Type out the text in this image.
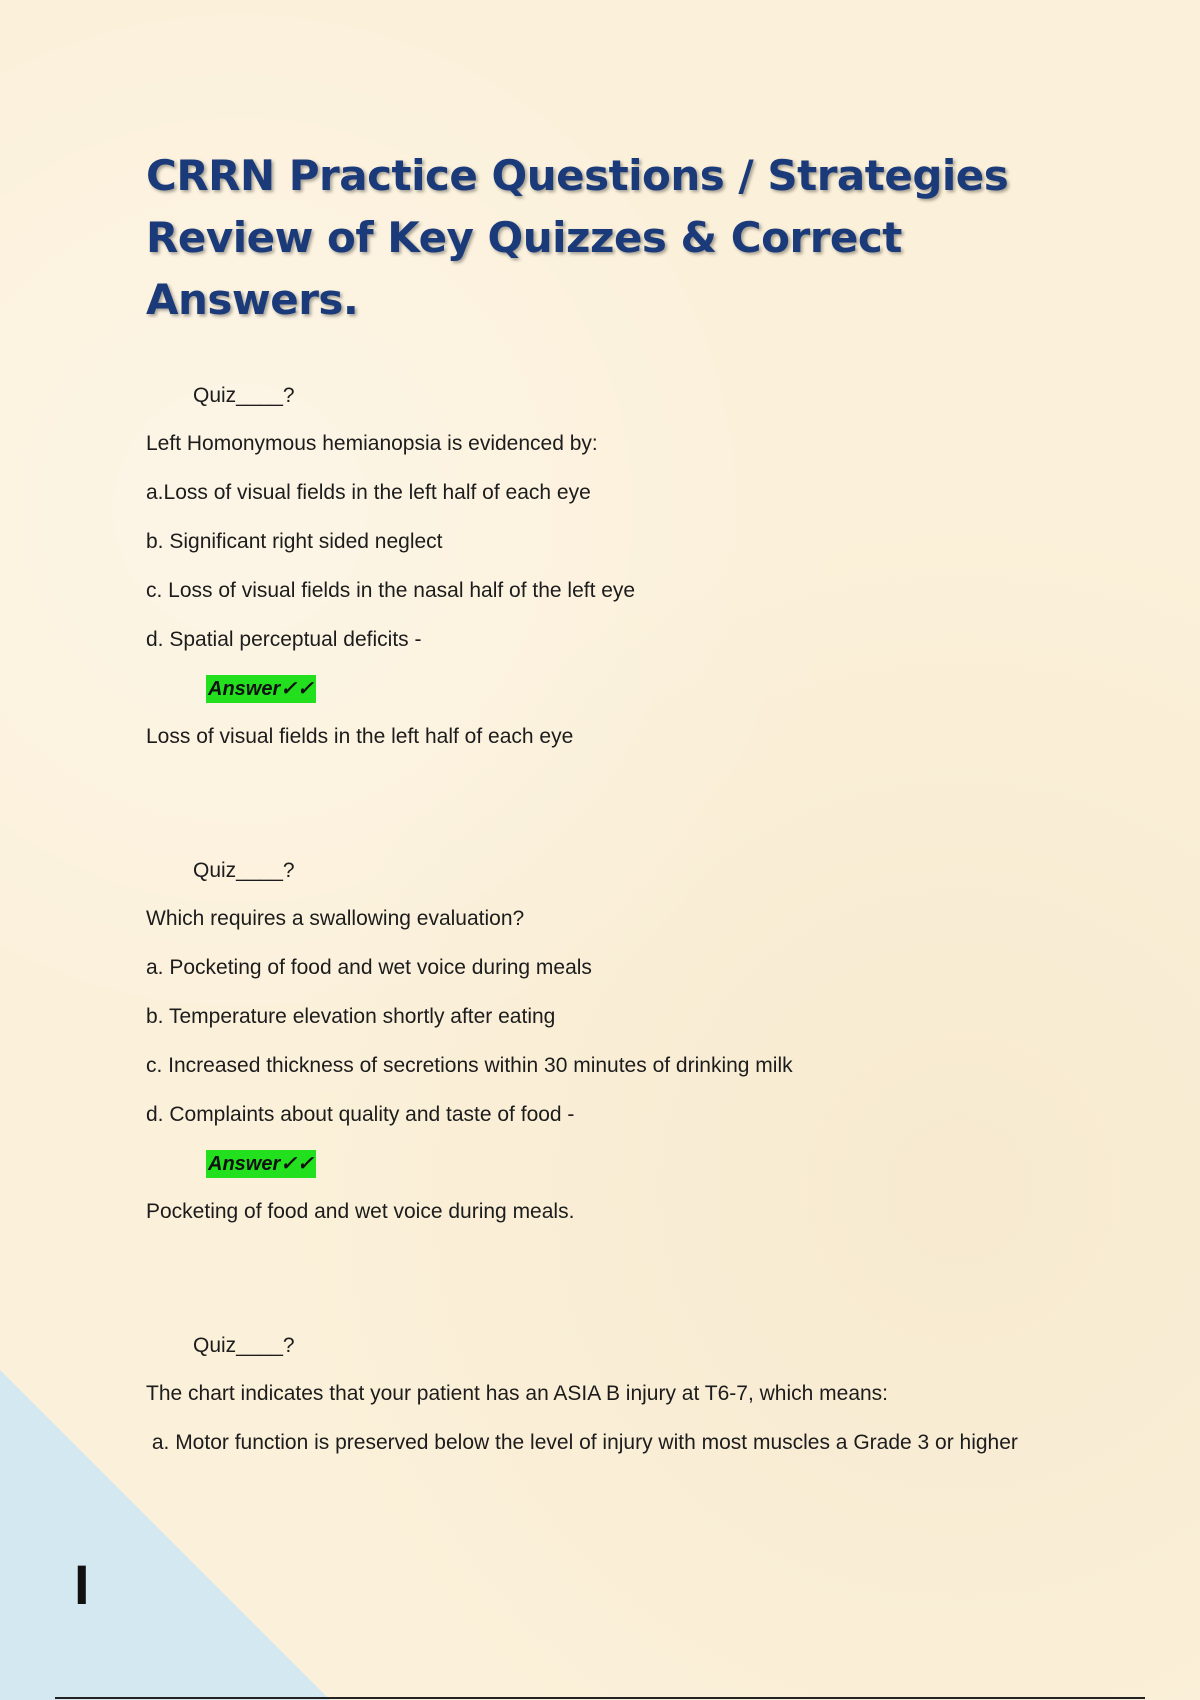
I
CRRN Practice Questions / Strategies
Review of Key Quizzes & Correct
Answers.
Quiz____?
Left Homonymous hemianopsia is evidenced by:
a.Loss of visual fields in the left half of each eye
b. Significant right sided neglect
c. Loss of visual fields in the nasal half of the left eye
d. Spatial perceptual deficits -
Answer✓✓
Loss of visual fields in the left half of each eye
Quiz____?
Which requires a swallowing evaluation?
a. Pocketing of food and wet voice during meals
b. Temperature elevation shortly after eating
c. Increased thickness of secretions within 30 minutes of drinking milk
d. Complaints about quality and taste of food -
Answer✓✓
Pocketing of food and wet voice during meals.
Quiz____?
The chart indicates that your patient has an ASIA B injury at T6-7, which means:
a. Motor function is preserved below the level of injury with most muscles a Grade 3 or higher
